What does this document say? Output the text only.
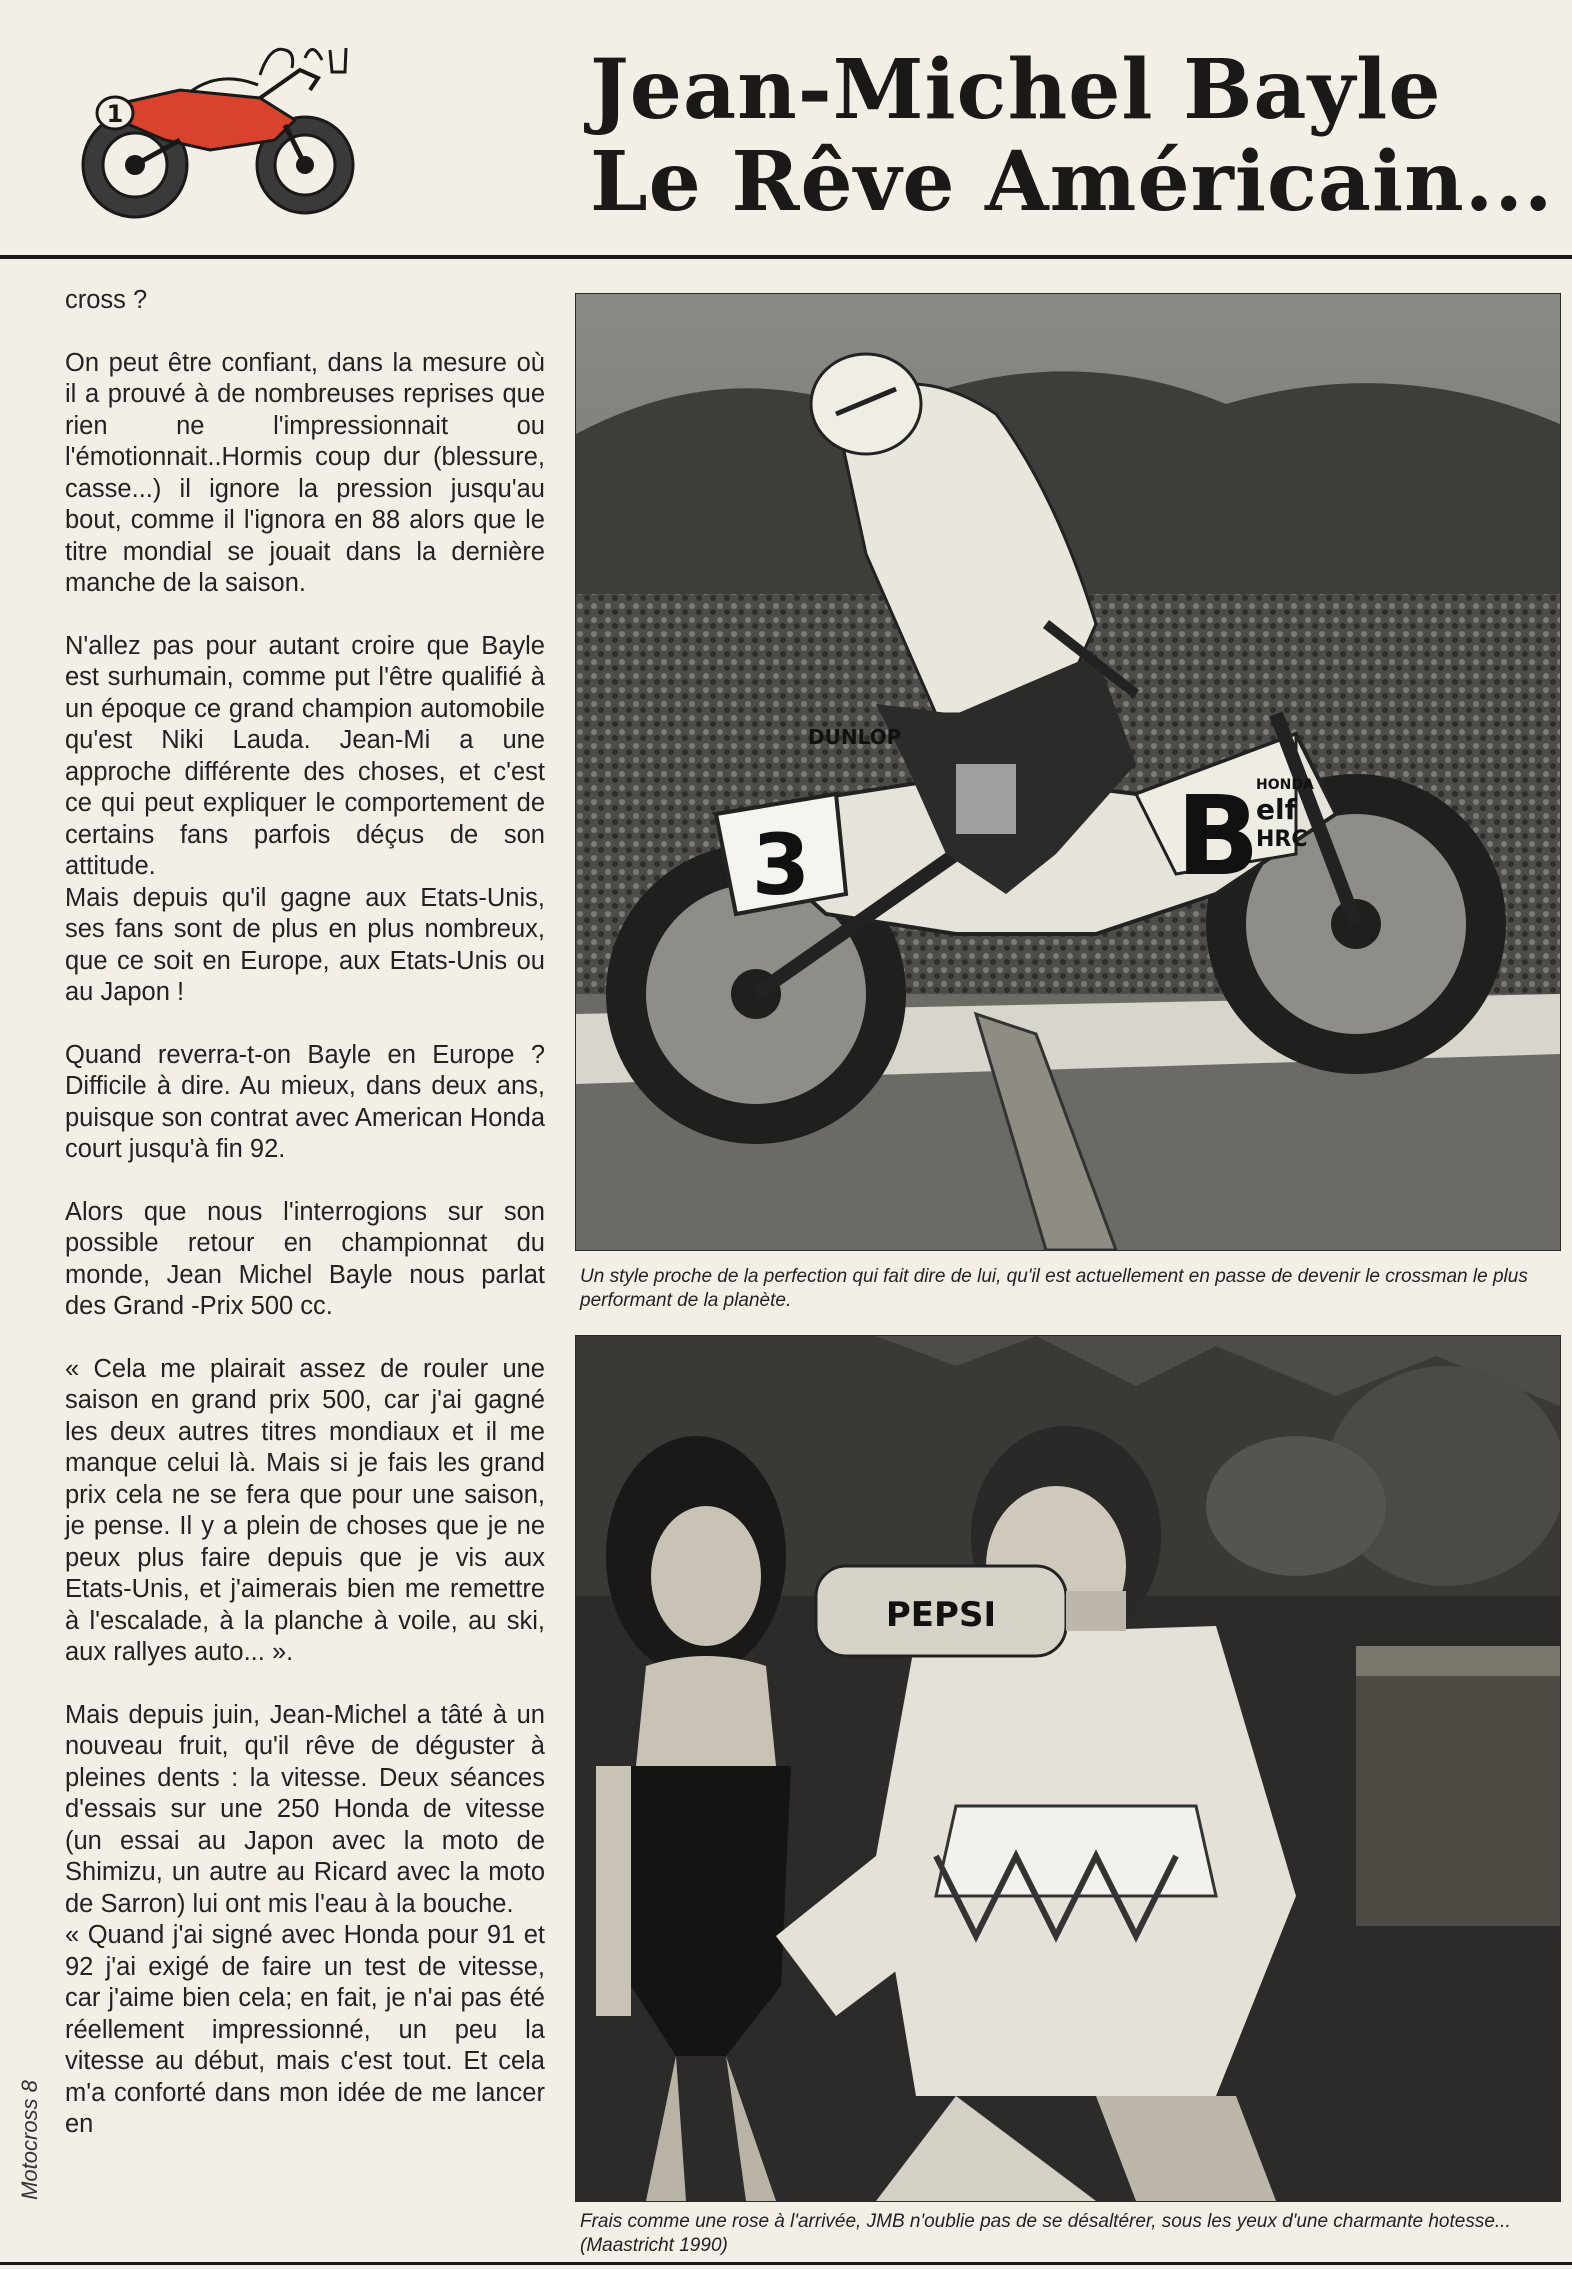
1	Jean-Michel Bayle
Le Rêve Américain...

cross ?

On peut être confiant, dans la mesure où il a prouvé à de nombreuses reprises que rien ne l'impressionnait ou l'émotionnait..Hormis coup dur (blessure, casse...) il ignore la pression jusqu'au bout, comme il l'ignora en 88 alors que le titre mondial se jouait dans la dernière manche de la saison.

N'allez pas pour autant croire que Bayle est surhumain, comme put l'être qualifié à un époque ce grand champion automobile qu'est Niki Lauda. Jean-Mi a une approche différente des choses, et c'est ce qui peut expliquer le comportement de certains fans parfois déçus de son attitude.

Mais depuis qu'il gagne aux Etats-Unis, ses fans sont de plus en plus nombreux, que ce soit en Europe, aux Etats-Unis ou au Japon !

Quand reverra-t-on Bayle en Europe ? Difficile à dire. Au mieux, dans deux ans, puisque son contrat avec American Honda court jusqu'à fin 92.

Alors que nous l'interrogions sur son possible retour en championnat du monde, Jean Michel Bayle nous parlat des Grand -Prix 500 cc.

« Cela me plairait assez de rouler une saison en grand prix 500, car j'ai gagné les deux autres titres mondiaux et il me manque celui là. Mais si je fais les grand prix cela ne se fera que pour une saison, je pense. Il y a plein de choses que je ne peux plus faire depuis que je vis aux Etats-Unis, et j'aimerais bien me remettre à l'escalade, à la planche à voile, au ski, aux rallyes auto... ».

Mais depuis juin, Jean-Michel a tâté à un nouveau fruit, qu'il rêve de déguster à pleines dents : la vitesse. Deux séances d'essais sur une 250 Honda de vitesse (un essai au Japon avec la moto de Shimizu, un autre au Ricard avec la moto de Sarron) lui ont mis l'eau à la bouche.

« Quand j'ai signé avec Honda pour 91 et 92 j'ai exigé de faire un test de vitesse, car j'aime bien cela; en fait, je n'ai pas été réellement impressionné, un peu la vitesse au début, mais c'est tout. Et cela m'a conforté dans mon idée de me lancer en

Motocross 8
3
DUNLOP
B
HONDA
elf
HRC
Un style proche de la perfection qui fait dire de lui, qu'il est actuellement en passe de devenir le crossman le plus performant de la planète.
PEPSI
Frais comme une rose à l'arrivée, JMB n'oublie pas de se désaltérer, sous les yeux d'une charmante hotesse... (Maastricht 1990)
